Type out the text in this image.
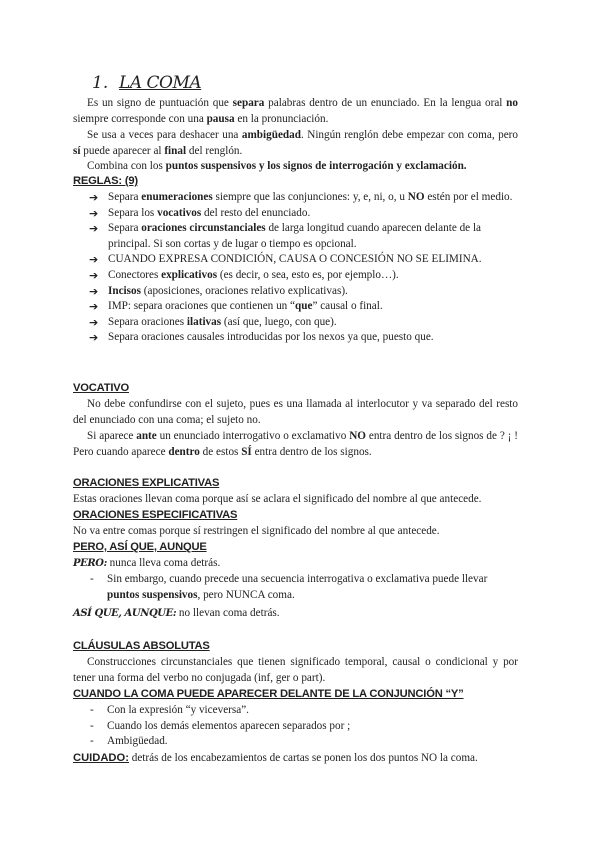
1. LA COMA
Es un signo de puntuación que separa palabras dentro de un enunciado. En la lengua oral no siempre corresponde con una pausa en la pronunciación.
Se usa a veces para deshacer una ambigüedad. Ningún renglón debe empezar con coma, pero sí puede aparecer al final del renglón.
Combina con los puntos suspensivos y los signos de interrogación y exclamación.
REGLAS: (9)
➔ Separa enumeraciones siempre que las conjunciones: y, e, ni, o, u NO estén por el medio.
➔ Separa los vocativos del resto del enunciado.
➔ Separa oraciones circunstanciales de larga longitud cuando aparecen delante de la principal. Si son cortas y de lugar o tiempo es opcional.
➔ CUANDO EXPRESA CONDICIÓN, CAUSA O CONCESIÓN NO SE ELIMINA.
➔ Conectores explicativos (es decir, o sea, esto es, por ejemplo…).
➔ Incisos (aposiciones, oraciones relativo explicativas).
➔ IMP: separa oraciones que contienen un “que” causal o final.
➔ Separa oraciones ilativas (así que, luego, con que).
➔ Separa oraciones causales introducidas por los nexos ya que, puesto que.
VOCATIVO
No debe confundirse con el sujeto, pues es una llamada al interlocutor y va separado del resto del enunciado con una coma; el sujeto no.
Si aparece ante un enunciado interrogativo o exclamativo NO entra dentro de los signos de ? ¡ ! Pero cuando aparece dentro de estos SÍ entra dentro de los signos.
ORACIONES EXPLICATIVAS
Estas oraciones llevan coma porque así se aclara el significado del nombre al que antecede.
ORACIONES ESPECIFICATIVAS
No va entre comas porque sí restringen el significado del nombre al que antecede.
PERO, ASÍ QUE, AUNQUE
PERO: nunca lleva coma detrás.
- Sin embargo, cuando precede una secuencia interrogativa o exclamativa puede llevar puntos suspensivos, pero NUNCA coma.
ASÍ QUE, AUNQUE: no llevan coma detrás.
CLÁUSULAS ABSOLUTAS
Construcciones circunstanciales que tienen significado temporal, causal o condicional y por tener una forma del verbo no conjugada (inf, ger o part).
CUANDO LA COMA PUEDE APARECER DELANTE DE LA CONJUNCIÓN “Y”
- Con la expresión “y viceversa”.
- Cuando los demás elementos aparecen separados por ;
- Ambigüedad.
CUIDADO: detrás de los encabezamientos de cartas se ponen los dos puntos NO la coma.
